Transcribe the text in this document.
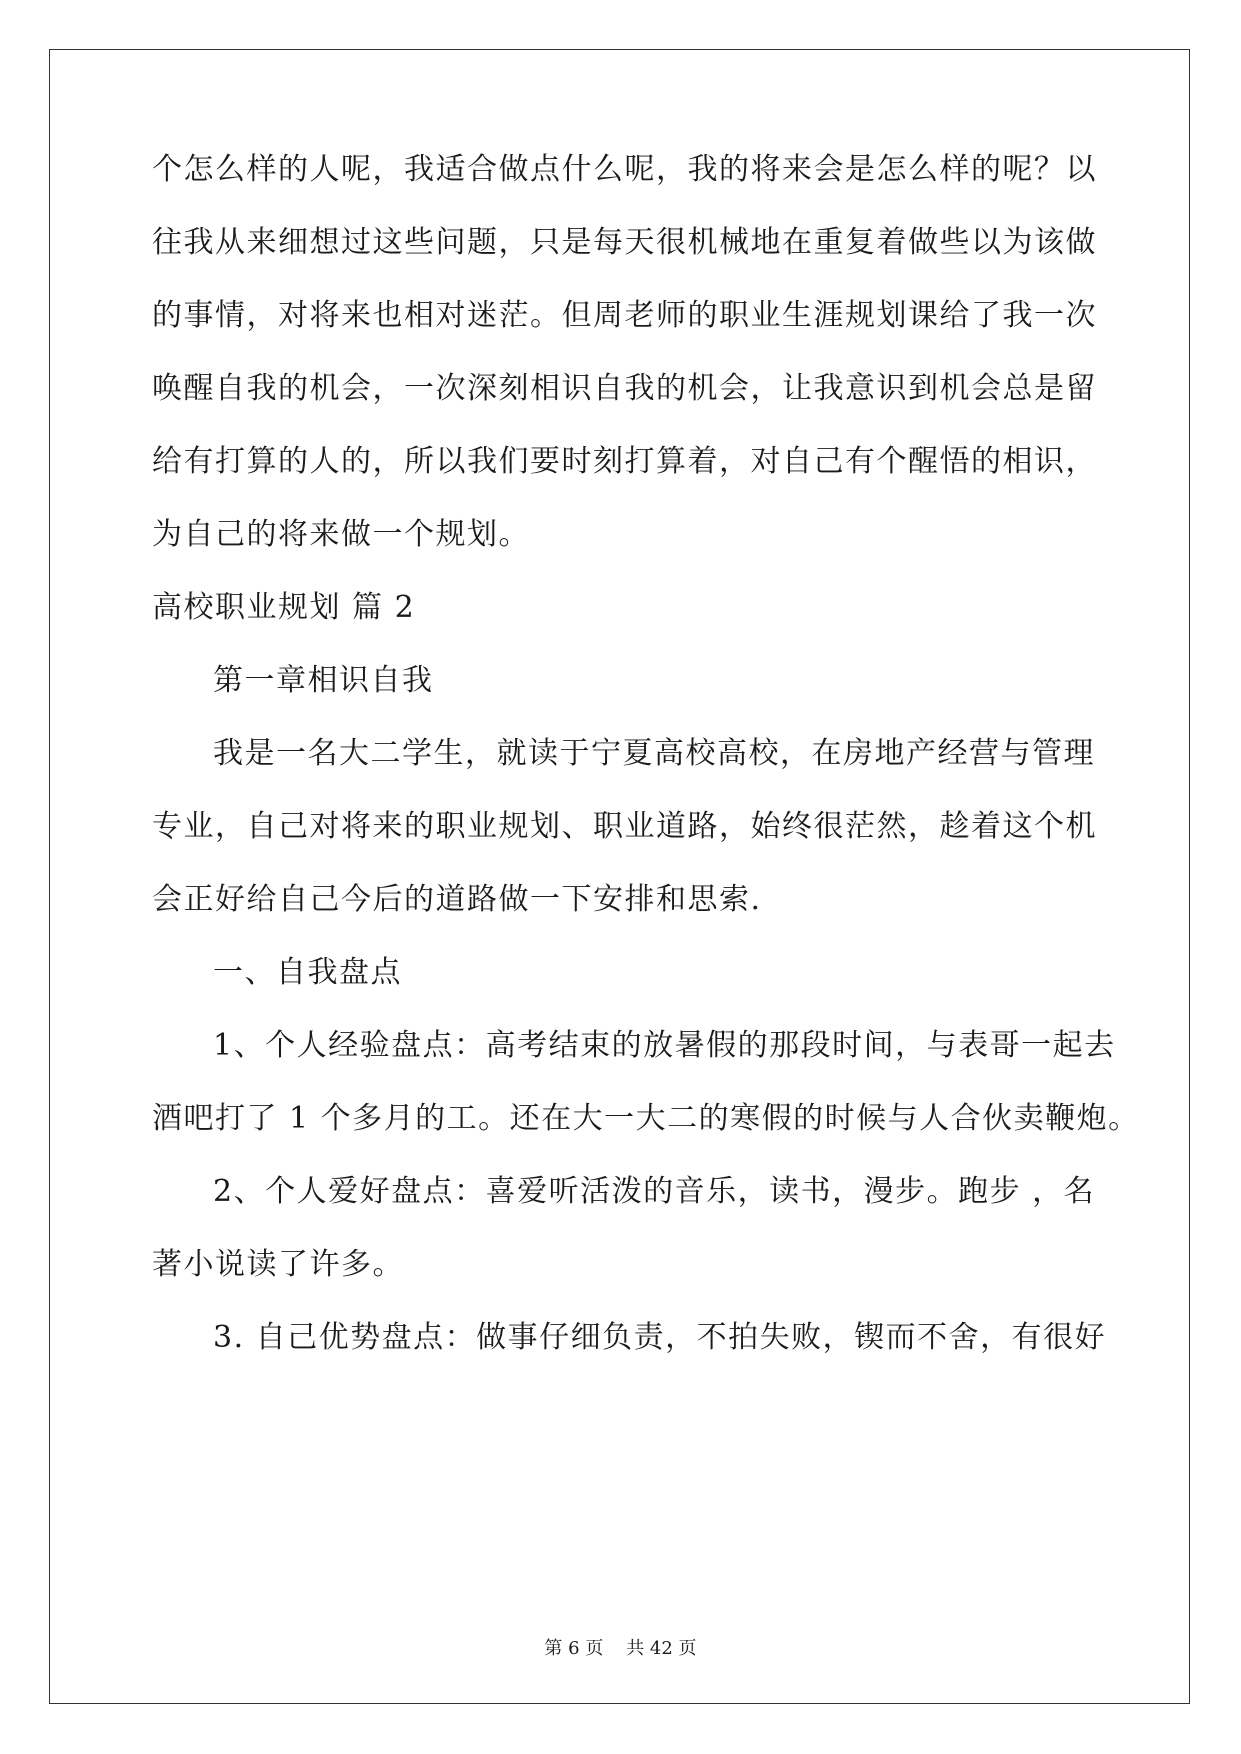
个怎么样的人呢，我适合做点什么呢，我的将来会是怎么样的呢？以
往我从来细想过这些问题，只是每天很机械地在重复着做些以为该做
的事情，对将来也相对迷茫。但周老师的职业生涯规划课给了我一次
唤醒自我的机会，一次深刻相识自我的机会，让我意识到机会总是留
给有打算的人的，所以我们要时刻打算着，对自己有个醒悟的相识，
为自己的将来做一个规划。
高校职业规划 篇 2
第一章相识自我
我是一名大二学生，就读于宁夏高校高校，在房地产经营与管理
专业，自己对将来的职业规划、职业道路，始终很茫然，趁着这个机
会正好给自己今后的道路做一下安排和思索.
一、自我盘点
1、个人经验盘点：高考结束的放暑假的那段时间，与表哥一起去
酒吧打了 1 个多月的工。还在大一大二的寒假的时候与人合伙卖鞭炮。
2、个人爱好盘点：喜爱听活泼的音乐，读书，漫步。跑步 ，名
著小说读了许多。
3. 自己优势盘点：做事仔细负责，不拍失败，锲而不舍，有很好
第 6 页    共 42 页
